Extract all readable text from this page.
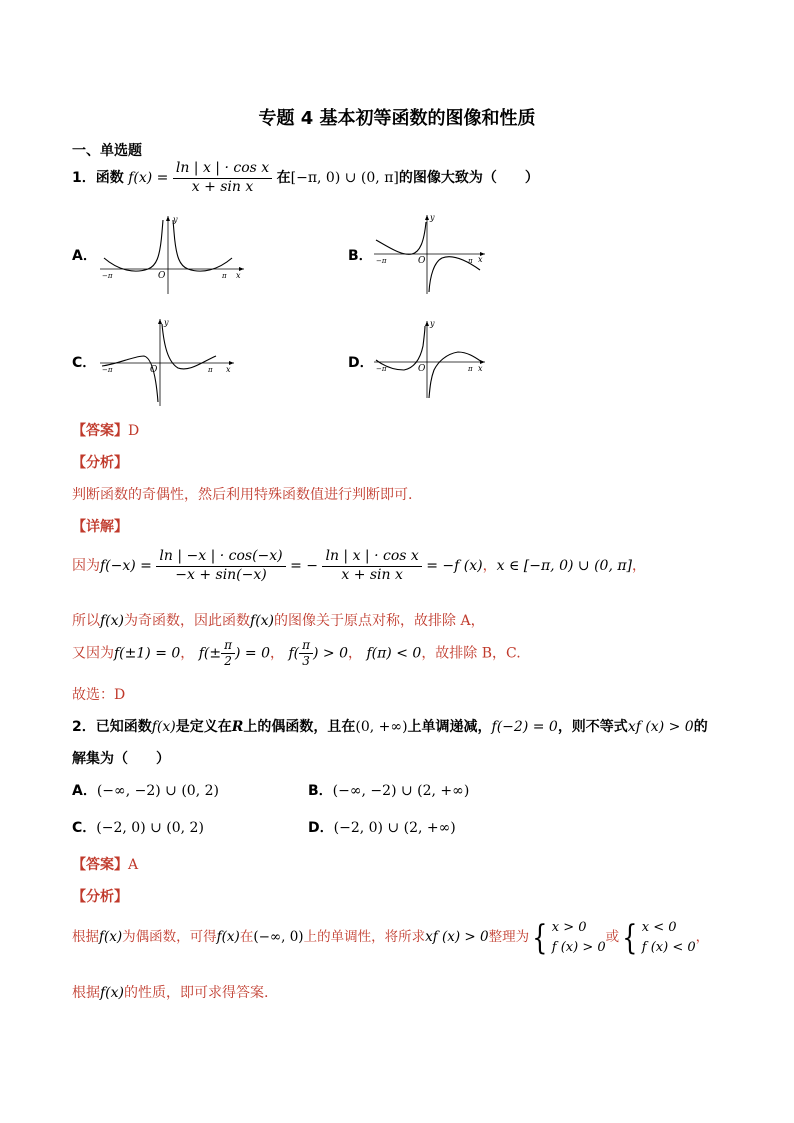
专题 4 基本初等函数的图像和性质
一、单选题
1．函数 $f(x) = \frac{\text{ln | x | · cos x}}{\text{x + sin x}}$ 在[−π, 0) ∪ (0, π]的图像大致为（　　）
A．	B．
C．	D．
y
x
O
−π	π
y
x
O
−π	π
y
x
O
−π	π
y
x
O
−π	π
【答案】D
【分析】
判断函数的奇偶性，然后利用特殊函数值进行判断即可.
【详解】
因为$f(-x) = \frac{\ln | -x | \cdot \cos(-x)}{-x + \sin(-x)}$ = − $\frac{\text{ln | x | · cos x}}{\text{x + sin x}} = -f$ (x)，x ∈ [−π, 0) ∪ (0, π]，
所以f(x)为奇函数，因此函数f(x)的图像关于原点对称，故排除 A，
又因为f(±1) = 0， $f(\pm \frac{\pi}{2}$ ) = 0， $f( \frac{\pi}{3}$ ) > 0， f(π) < 0，故排除 B，C.
故选：D
2．已知函数f(x)是定义在R上的偶函数，且在(0, +∞)上单调递减，f(−2) = 0，则不等式xf (x) > 0的
解集为（　　）
A．(−∞, −2) ∪ (0, 2)	B．(−∞, −2) ∪ (2, +∞)
C．(−2, 0) ∪ (0, 2)	D．(−2, 0) ∪ (2, +∞)
【答案】A
【分析】
根据f(x)为偶函数，可得f(x)在(−∞, 0)上的单调性，将所求xf (x) > 0整理为{ x > 0
f (x) > 0
或{ x < 0
f (x) < 0
，
根据f(x)的性质，即可求得答案.
